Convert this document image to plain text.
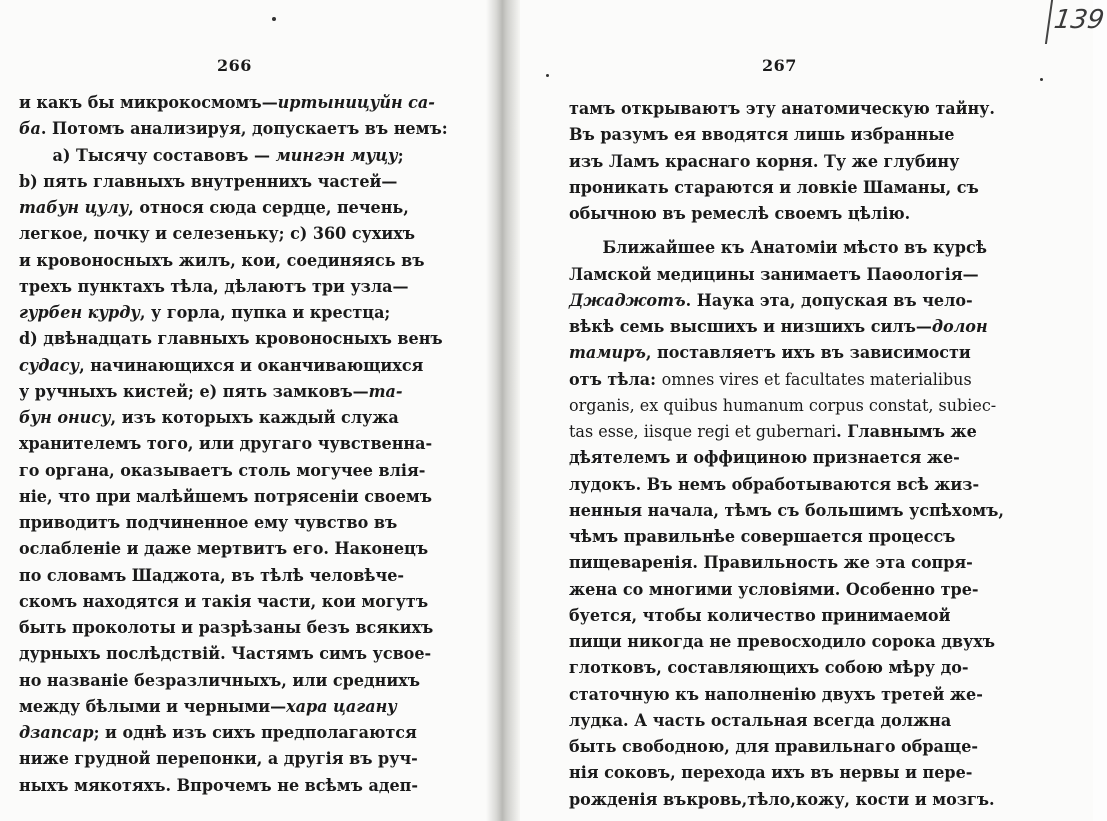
266
и какъ бы микрокосмомъ—иртыницуйн са-
ба. Потомъ анализируя, допускаетъ въ немъ:
a) Тысячу составовъ — мингэн муцу;
b) пять главныхъ внутреннихъ частей—
табун цулу, относя сюда сердце, печень,
легкое, почку и селезеньку; c) 360 сухихъ
и кровоносныхъ жилъ, кои, соединяясь въ
трехъ пунктахъ тѣла, дѣлаютъ три узла—
гурбен курду, у горла, пупка и крестца;
d) двѣнадцать главныхъ кровоносныхъ венъ
судасу, начинающихся и оканчивающихся
у ручныхъ кистей; e) пять замковъ—та-
бун онису, изъ которыхъ каждый служа
хранителемъ того, или другаго чувственна-
го органа, оказываетъ столь могучее влія-
ніе, что при малѣйшемъ потрясеніи своемъ
приводитъ подчиненное ему чувство въ
ослабленіе и даже мертвитъ его. Наконецъ
по словамъ Шаджота, въ тѣлѣ человѣче-
скомъ находятся и такія части, кои могутъ
быть проколоты и разрѣзаны безъ всякихъ
дурныхъ послѣдствій. Частямъ симъ усвое-
но названіе безразличныхъ, или среднихъ
между бѣлыми и черными—хара цагану
дзапсар; и однѣ изъ сихъ предполагаются
ниже грудной перепонки, а другія въ руч-
ныхъ мякотяхъ. Впрочемъ не всѣмъ адеп-
267
тамъ открываютъ эту анатомическую тайну.
Въ разумъ ея вводятся лишь избранные
изъ Ламъ краснаго корня. Ту же глубину
проникать стараются и ловкіе Шаманы, съ
обычною въ ремеслѣ своемъ цѣлію.
Ближайшее къ Анатоміи мѣсто въ курсѣ
Ламской медицины занимаетъ Паѳологія—
Джаджотъ. Наука эта, допуская въ чело-
вѣкѣ семь высшихъ и низшихъ силъ—долон
тамиръ, поставляетъ ихъ въ зависимости
отъ тѣла: omnes vires et facultates materialibus
organis, ex quibus humanum corpus constat, subiec-
tas esse, iisque regi et gubernari. Главнымъ же
дѣятелемъ и оффициною признается же-
лудокъ. Въ немъ обработываются всѣ жиз-
ненныя начала, тѣмъ съ большимъ успѣхомъ,
чѣмъ правильнѣе совершается процессъ
пищеваренія. Правильность же эта сопря-
жена со многими условіями. Особенно тре-
буется, чтобы количество принимаемой
пищи никогда не превосходило сорока двухъ
глотковъ, составляющихъ собою мѣру до-
статочную къ наполненію двухъ третей же-
лудка. А часть остальная всегда должна
быть свободною, для правильнаго обраще-
нія соковъ, перехода ихъ въ нервы и пере-
рожденія въкровь,тѣло,кожу, кости и мозгъ.
139
